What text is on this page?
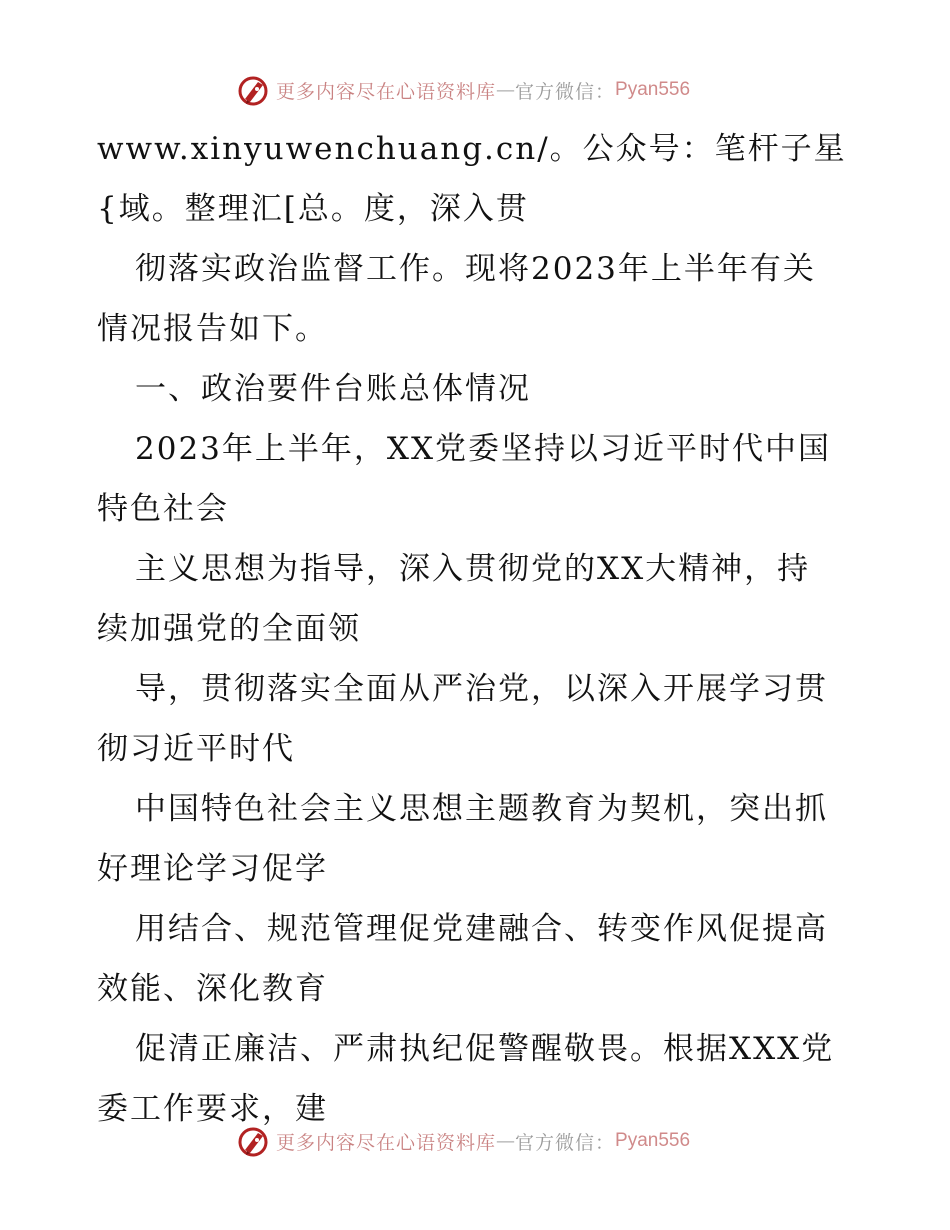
更多内容尽在心语资料库 — 官方微信： Pyan556
www.xinyuwenchuang.cn/。公众号：笔杆子星
{域。整理汇[总。度，深入贯
彻落实政治监督工作。现将2023年上半年有关
情况报告如下。
一、政治要件台账总体情况
2023年上半年，XX党委坚持以习近平时代中国
特色社会
主义思想为指导，深入贯彻党的XX大精神，持
续加强党的全面领
导，贯彻落实全面从严治党，以深入开展学习贯
彻习近平时代
中国特色社会主义思想主题教育为契机，突出抓
好理论学习促学
用结合、规范管理促党建融合、转变作风促提高
效能、深化教育
促清正廉洁、严肃执纪促警醒敬畏。根据XXX党
委工作要求，建
更多内容尽在心语资料库 — 官方微信： Pyan556
